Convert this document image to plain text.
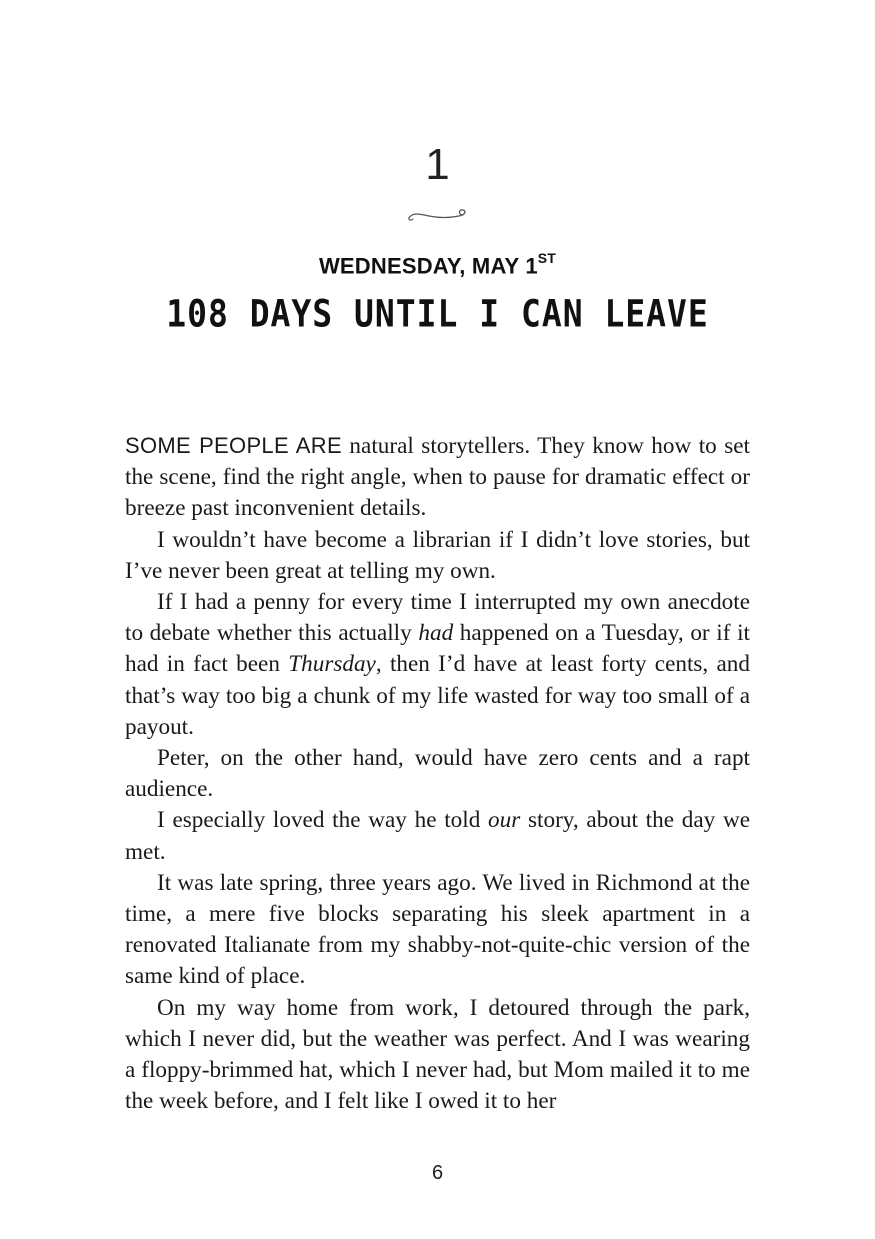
1
WEDNESDAY, MAY 1ST
108 DAYS UNTIL I CAN LEAVE

SOME PEOPLE ARE natural storytellers. They know how to set the scene, find the right angle, when to pause for dramatic effect or breeze past inconvenient details.

I wouldn’t have become a librarian if I didn’t love stories, but I’ve never been great at telling my own.

If I had a penny for every time I interrupted my own anecdote to debate whether this actually had happened on a Tuesday, or if it had in fact been Thursday, then I’d have at least forty cents, and that’s way too big a chunk of my life wasted for way too small of a payout.

Peter, on the other hand, would have zero cents and a rapt audience.

I especially loved the way he told our story, about the day we met.

It was late spring, three years ago. We lived in Richmond at the time, a mere five blocks separating his sleek apartment in a renovated Italianate from my shabby-not-quite-chic version of the same kind of place.

On my way home from work, I detoured through the park, which I never did, but the weather was perfect. And I was wearing a floppy-brimmed hat, which I never had, but Mom mailed it to me the week before, and I felt like I owed it to her

6
